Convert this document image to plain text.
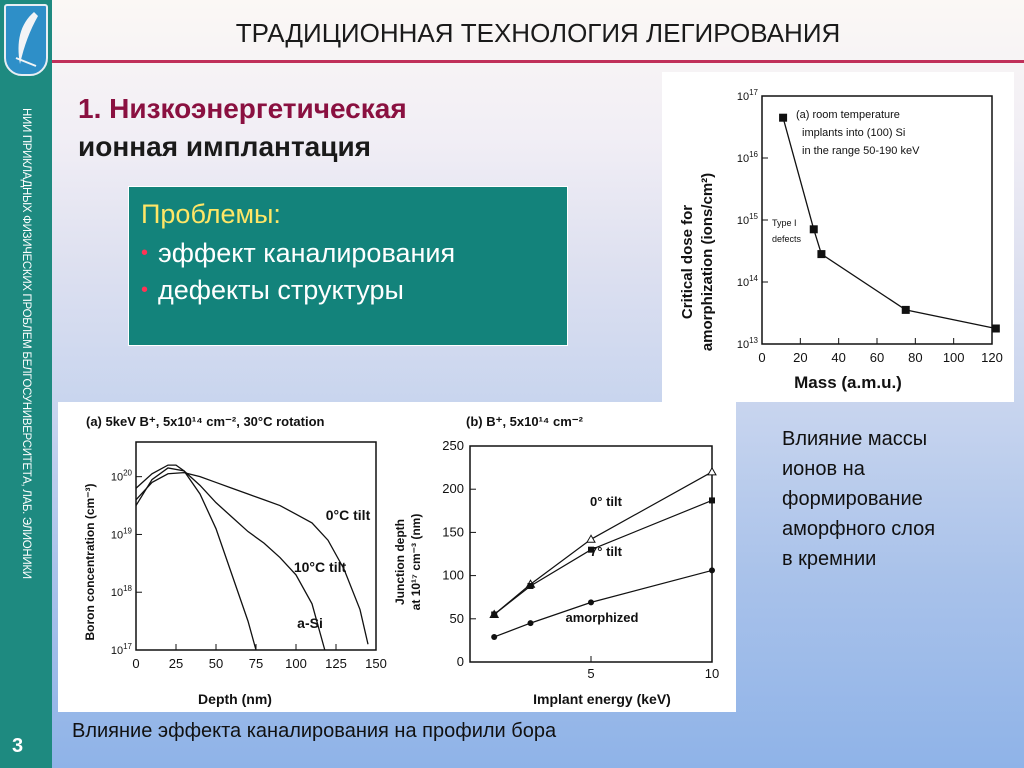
НИИ ПРИКЛАДНЫХ ФИЗИЧЕСКИХ ПРОБЛЕМ БЕЛГОСУНИВЕРСИТЕТА, ЛАБ. ЭЛИОНИКИ
3
ТРАДИЦИОННАЯ ТЕХНОЛОГИЯ ЛЕГИРОВАНИЯ
1. Низкоэнергетическая
ионная имплантация
Проблемы:
• эффект каналирования
• дефекты структуры
(a) room temperature
implants into (100) Si
in the range 50-190 keV
Type I
defects
Mass (a.m.u.)
Critical dose for amorphization (ions/cm²)
0 20 40 60 80 100 120
$10^{13}$
$10^{14}$
$10^{15}$
$10^{16}$
$10^{17}$
(a) 5keV B⁺, 5x10¹⁴ cm⁻², 30°C rotation
Depth (nm)
Boron concentration (cm⁻³)
(b) B⁺, 5x10¹⁴ cm⁻²
Implant energy (keV)
Junction depth at 10¹⁷ cm⁻³ (nm)
0 25 50 75 100 125 150
$10^{17}$
$10^{18}$
$10^{19}$
$10^{20}$
0°C tilt
10°C tilt
a-Si
5	10
0
50
100
150
200
250
0° tilt
7° tilt
amorphized
Влияние массы
ионов на
формирование
аморфного слоя
в кремнии
Влияние эффекта каналирования на профили бора
